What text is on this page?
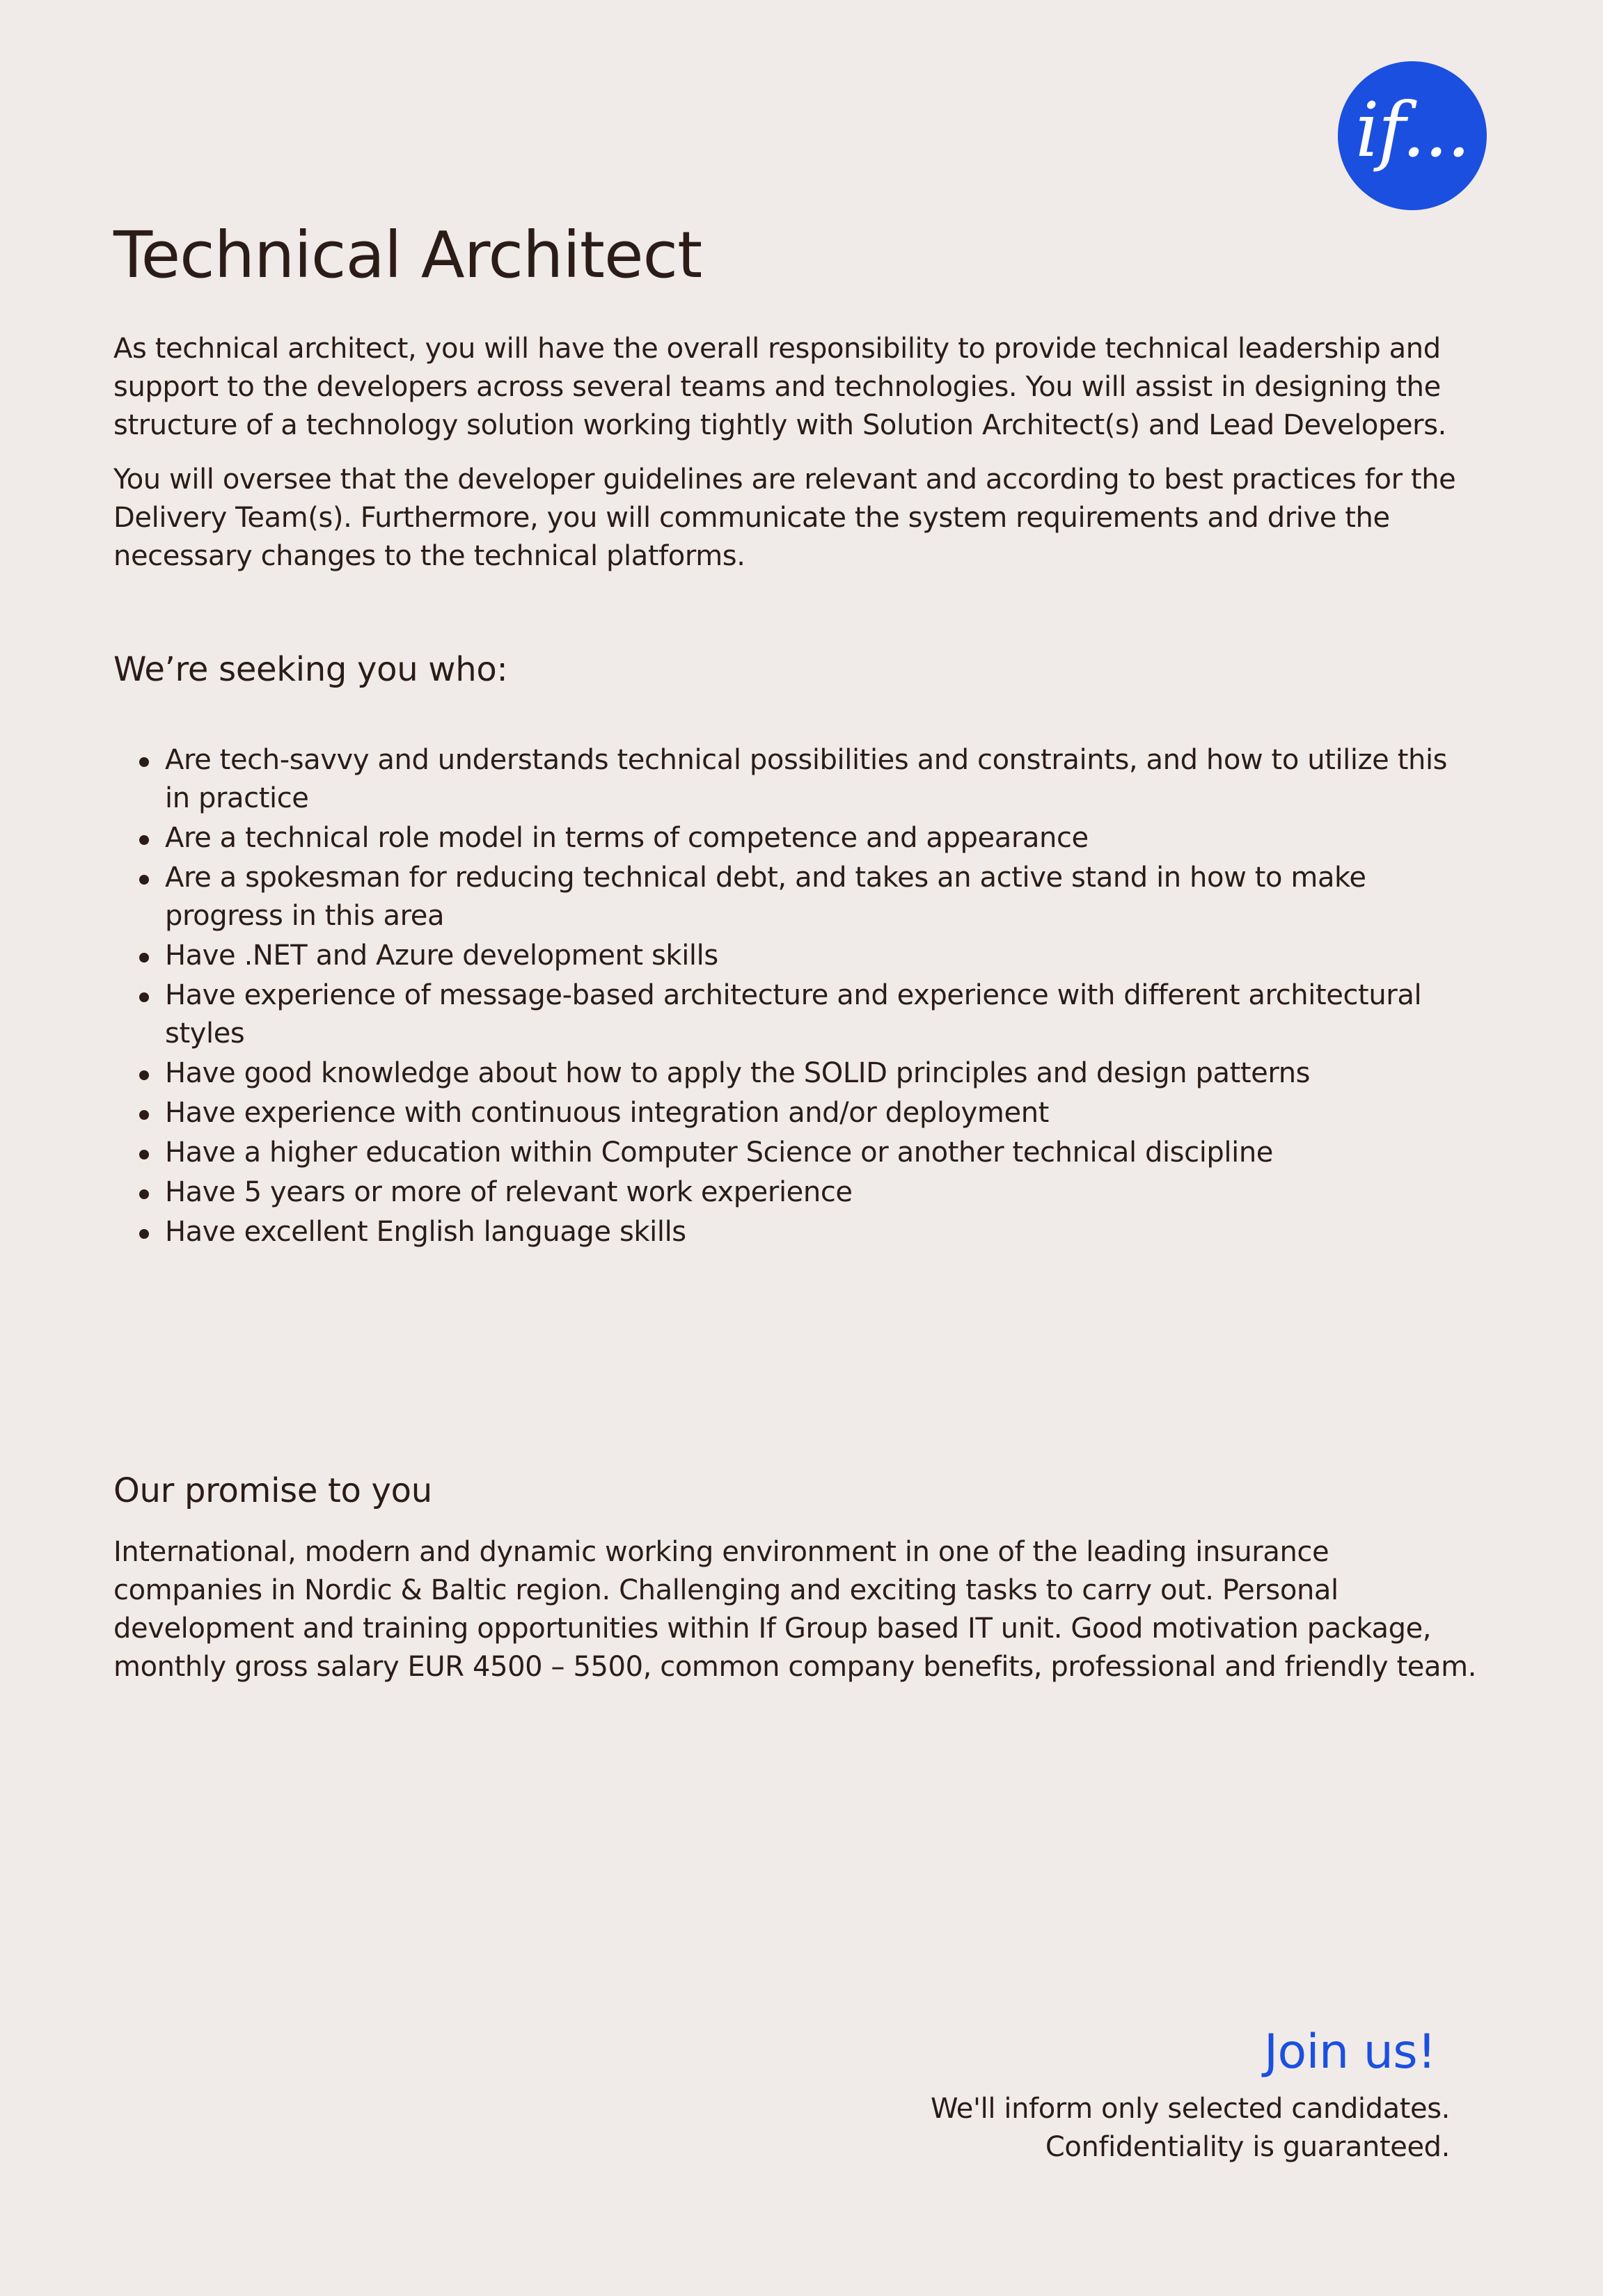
if...
Technical Architect

As technical architect, you will have the overall responsibility to provide technical leadership and support to the developers across several teams and technologies. You will assist in designing the structure of a technology solution working tightly with Solution Architect(s) and Lead Developers.

You will oversee that the developer guidelines are relevant and according to best practices for the Delivery Team(s). Furthermore, you will communicate the system requirements and drive the necessary changes to the technical platforms.

We’re seeking you who:
Are tech-savvy and understands technical possibilities and constraints, and how to utilize this in practice
Are a technical role model in terms of competence and appearance
Are a spokesman for reducing technical debt, and takes an active stand in how to make progress in this area
Have .NET and Azure development skills
Have experience of message-based architecture and experience with different architectural styles
Have good knowledge about how to apply the SOLID principles and design patterns
Have experience with continuous integration and/or deployment
Have a higher education within Computer Science or another technical discipline
Have 5 years or more of relevant work experience
Have excellent English language skills
Our promise to you

International, modern and dynamic working environment in one of the leading insurance companies in Nordic & Baltic region. Challenging and exciting tasks to carry out. Personal development and training opportunities within If Group based IT unit. Good motivation package, monthly gross salary EUR 4500 – 5500, common company benefits, professional and friendly team.

Join us!

We'll inform only selected candidates.

Confidentiality is guaranteed.
